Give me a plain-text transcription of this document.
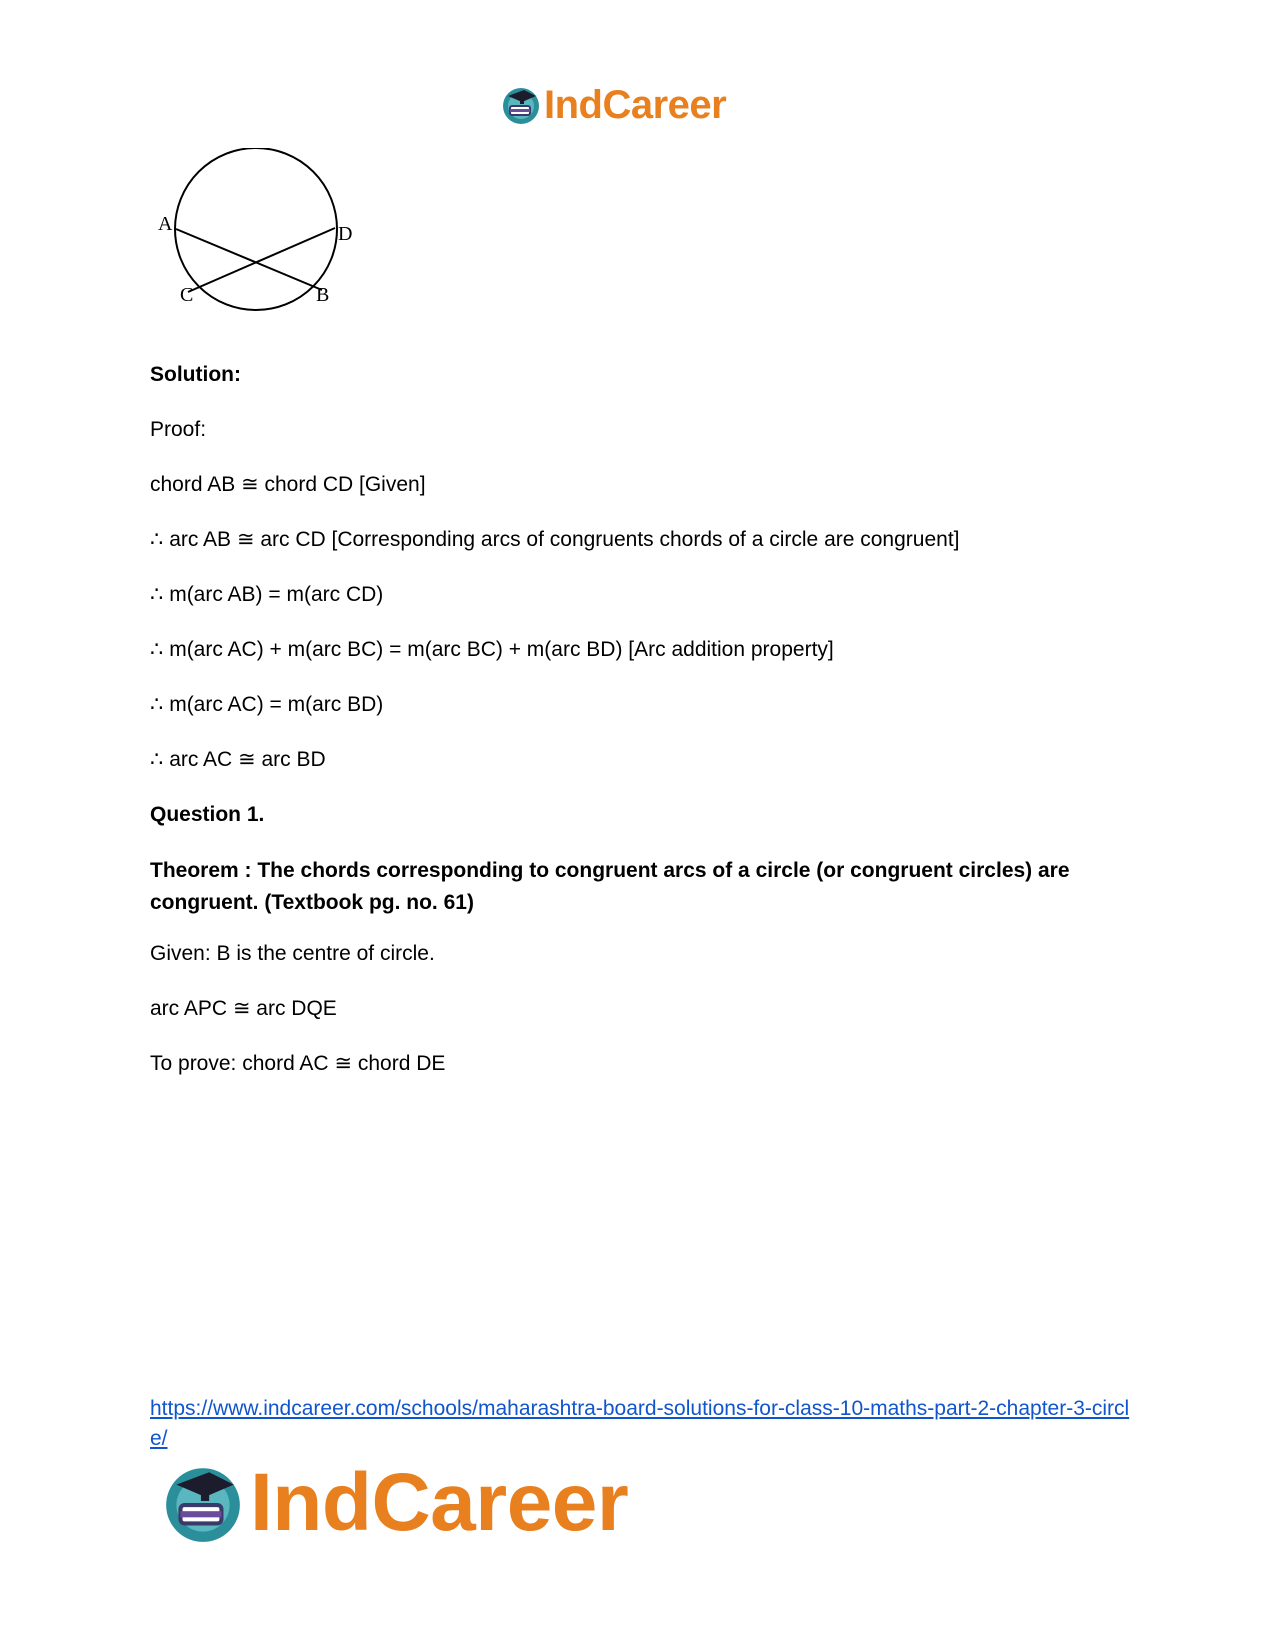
IndCareer
A	D
C	B

Solution:

Proof:

chord AB ≅ chord CD [Given]

∴ arc AB ≅ arc CD [Corresponding arcs of congruents chords of a circle are congruent]

∴ m(arc AB) = m(arc CD)

∴ m(arc AC) + m(arc BC) = m(arc BC) + m(arc BD) [Arc addition property]

∴ m(arc AC) = m(arc BD)

∴ arc AC ≅ arc BD

Question 1.

Theorem : The chords corresponding to congruent arcs of a circle (or congruent circles) are congruent. (Textbook pg. no. 61)

Given: B is the centre of circle.

arc APC ≅ arc DQE

To prove: chord AC ≅ chord DE

https://www.indcareer.com/schools/maharashtra-board-solutions-for-class-10-maths-part-2-chapter-3-circle/
IndCareer
